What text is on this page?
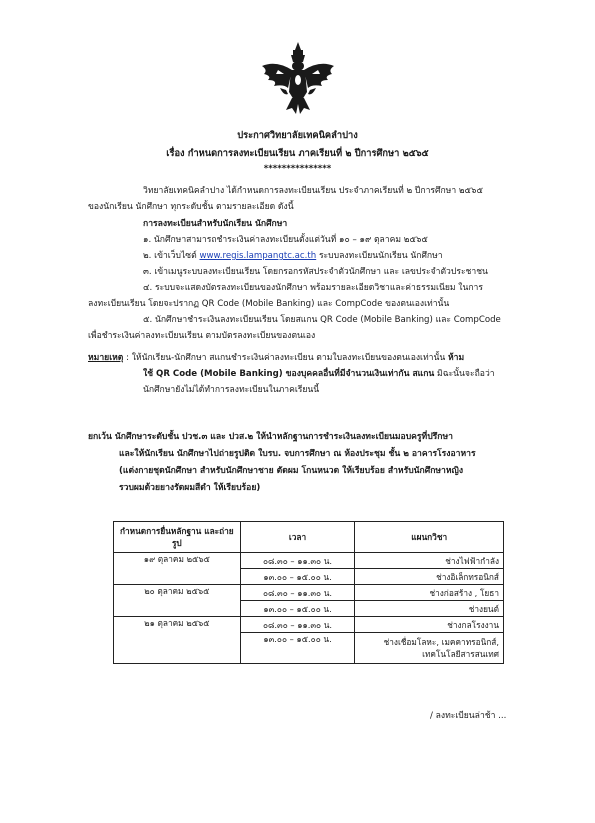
ประกาศวิทยาลัยเทคนิคลำปาง
เรื่อง กำหนดการลงทะเบียนเรียน ภาคเรียนที่ ๒ ปีการศึกษา ๒๕๖๕
***************
วิทยาลัยเทคนิคลำปาง ได้กำหนดการลงทะเบียนเรียน ประจำภาคเรียนที่ ๒ ปีการศึกษา ๒๕๖๕
ของนักเรียน นักศึกษา ทุกระดับชั้น ตามรายละเอียด ดังนี้
การลงทะเบียนสำหรับนักเรียน นักศึกษา
๑. นักศึกษาสามารถชำระเงินค่าลงทะเบียนตั้งแต่วันที่ ๑๐ – ๑๙ ตุลาคม ๒๕๖๕
๒. เข้าเว็บไซต์ www.regis.lampangtc.ac.th ระบบลงทะเบียนนักเรียน นักศึกษา
๓. เข้าเมนูระบบลงทะเบียนเรียน โดยกรอกรหัสประจำตัวนักศึกษา และ เลขประจำตัวประชาชน
๔. ระบบจะแสดงบัตรลงทะเบียนของนักศึกษา พร้อมรายละเอียดวิชาและค่าธรรมเนียม ในการ
ลงทะเบียนเรียน โดยจะปรากฏ QR Code (Mobile Banking) และ CompCode ของตนเองเท่านั้น
๕. นักศึกษาชำระเงินลงทะเบียนเรียน โดยสแกน QR Code (Mobile Banking) และ CompCode
เพื่อชำระเงินค่าลงทะเบียนเรียน ตามบัตรลงทะเบียนของตนเอง
หมายเหตุ : ให้นักเรียน-นักศึกษา สแกนชำระเงินค่าลงทะเบียน ตามใบลงทะเบียนของตนเองเท่านั้น ห้าม
ใช้ QR Code (Mobile Banking) ของบุคคลอื่นที่มีจำนวนเงินเท่ากัน สแกน มิฉะนั้นจะถือว่า
นักศึกษายังไม่ได้ทำการลงทะเบียนในภาคเรียนนี้
ยกเว้น นักศึกษาระดับชั้น ปวช.๓ และ ปวส.๒ ให้นำหลักฐานการชำระเงินลงทะเบียนมอบครูที่ปรึกษา
และให้นักเรียน นักศึกษาไปถ่ายรูปติด ใบรบ. จบการศึกษา ณ ห้องประชุม ชั้น ๒ อาคารโรงอาหาร
(แต่งกายชุดนักศึกษา สำหรับนักศึกษาชาย ตัดผม โกนหนวด ให้เรียบร้อย สำหรับนักศึกษาหญิง
รวบผมด้วยยางรัดผมสีดำ ให้เรียบร้อย)
กำหนดการยื่นหลักฐาน และถ่ายรูป	เวลา	แผนกวิชา
๑๙ ตุลาคม ๒๕๖๕	๐๘.๓๐ – ๑๑.๓๐ น.	ช่างไฟฟ้ากำลัง
	๑๓.๐๐ – ๑๕.๐๐ น.	ช่างอิเล็กทรอนิกส์
๒๐ ตุลาคม ๒๕๖๕	๐๘.๓๐ – ๑๑.๓๐ น.	ช่างก่อสร้าง , โยธา
	๑๓.๐๐ – ๑๕.๐๐ น.	ช่างยนต์
๒๑ ตุลาคม ๒๕๖๕	๐๘.๓๐ – ๑๑.๓๐ น.	ช่างกลโรงงาน
	๑๓.๐๐ – ๑๕.๐๐ น.	ช่างเชื่อมโลหะ, เมคคาทรอนิกส์, เทคโนโลยีสารสนเทศ
/ ลงทะเบียนล่าช้า ...
